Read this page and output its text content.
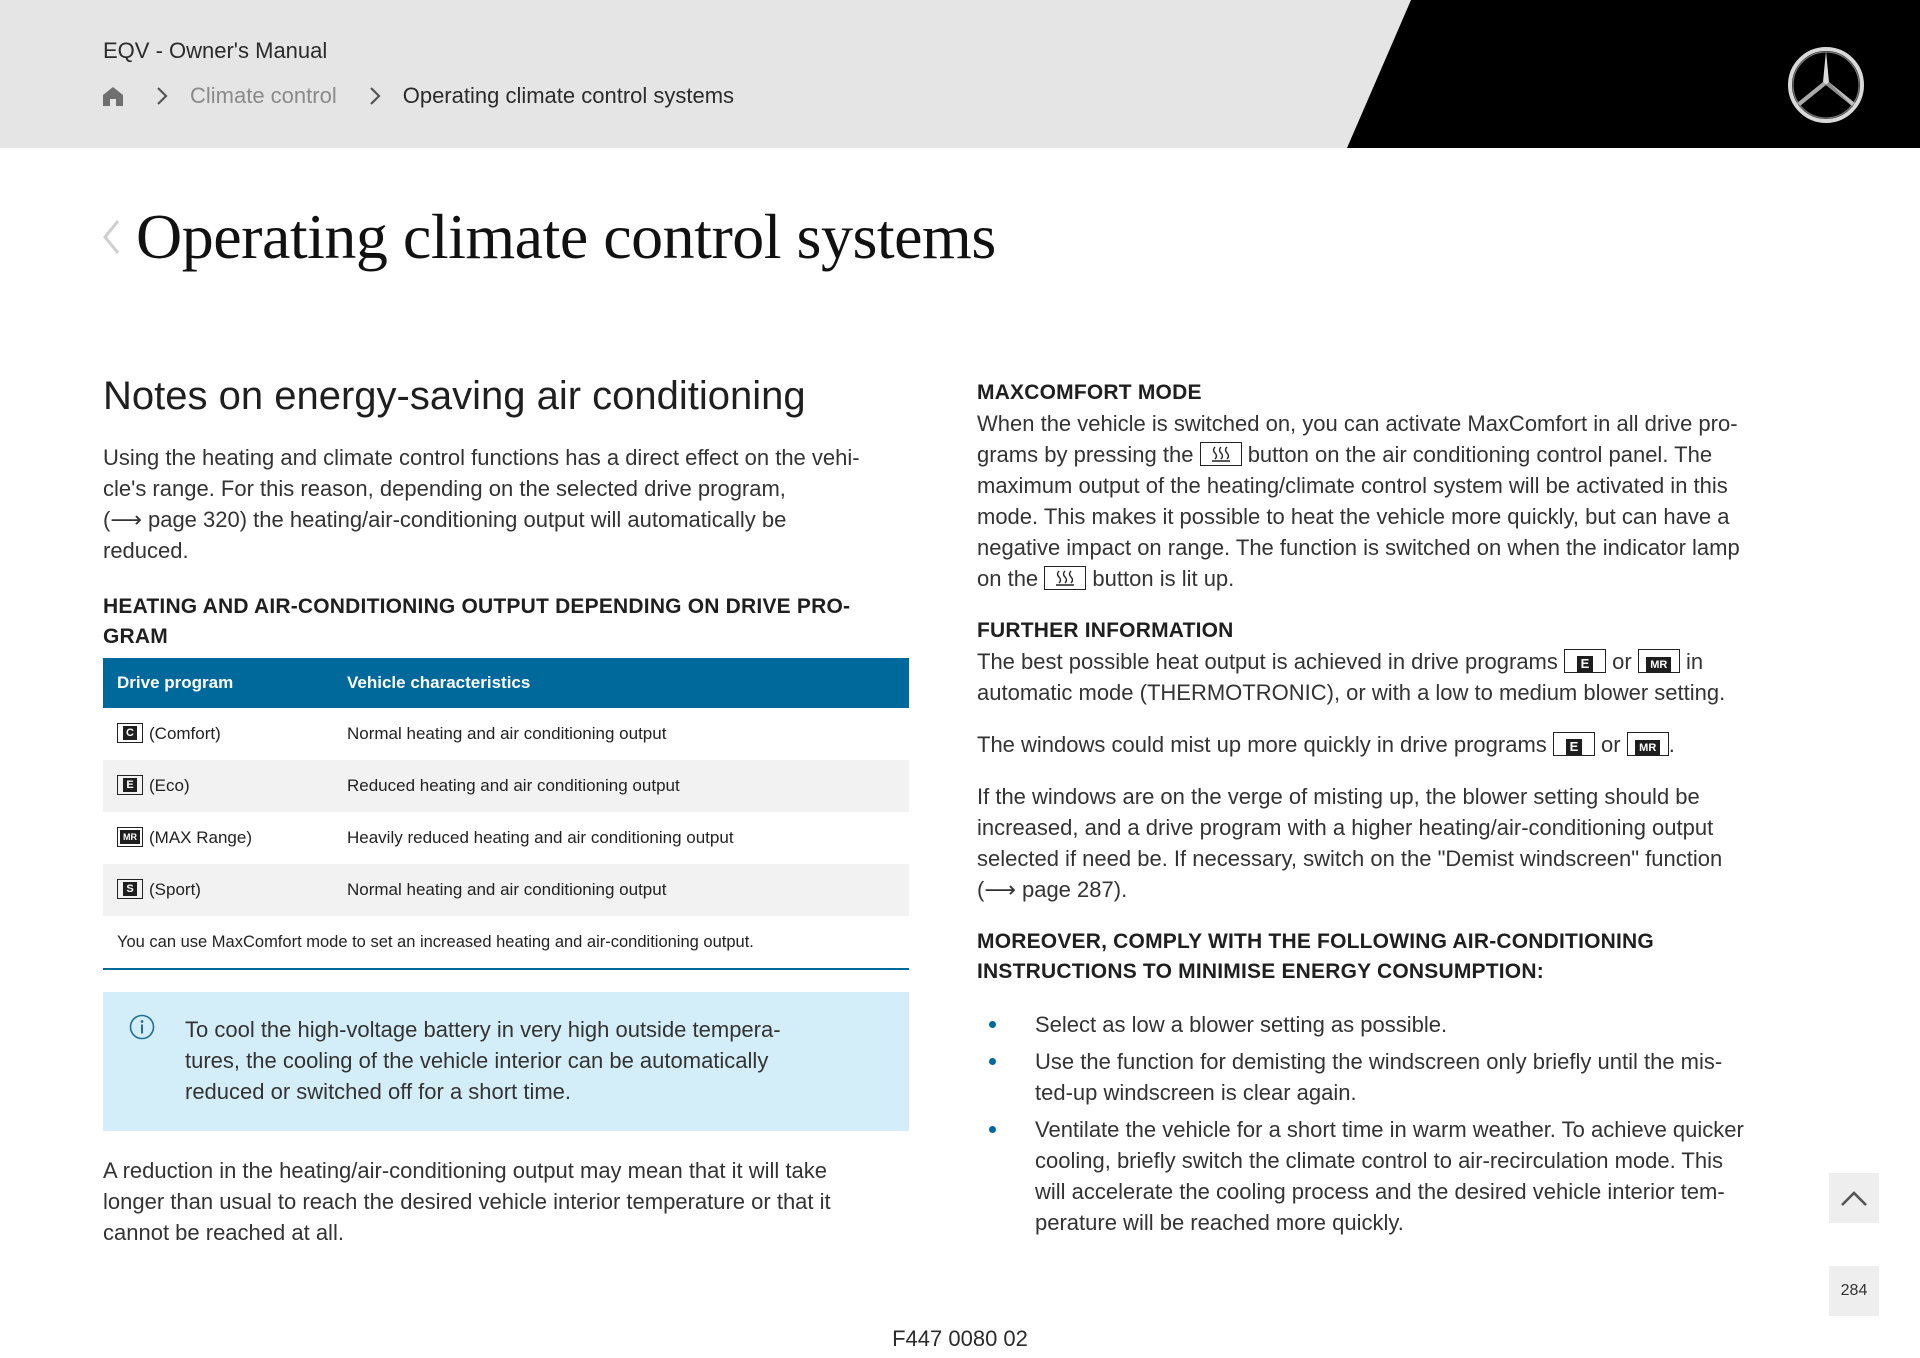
EQV - Owner's Manual
Climate control	Operating climate control systems
Operating climate control systems
Notes on energy-saving air conditioning

Using the heating and climate control functions has a direct effect on the vehi-
cle's range. For this reason, depending on the selected drive program,
(⟶ page 320) the heating/air-conditioning output will automatically be
reduced.

HEATING AND AIR-CONDITIONING OUTPUT DEPENDING ON DRIVE PRO-
GRAM

Drive program	Vehicle characteristics
C (Comfort)	Normal heating and air conditioning output
E (Eco)	Reduced heating and air conditioning output
MR (MAX Range)	Heavily reduced heating and air conditioning output
S (Sport)	Normal heating and air conditioning output
You can use MaxComfort mode to set an increased heating and air-conditioning output.	

To cool the high-voltage battery in very high outside tempera-
tures, the cooling of the vehicle interior can be automatically
reduced or switched off for a short time.

A reduction in the heating/air-conditioning output may mean that it will take
longer than usual to reach the desired vehicle interior temperature or that it
cannot be reached at all.

MAXCOMFORT MODE

When the vehicle is switched on, you can activate MaxComfort in all drive pro-
grams by pressing the button on the air conditioning control panel. The
maximum output of the heating/climate control system will be activated in this
mode. This makes it possible to heat the vehicle more quickly, but can have a
negative impact on range. The function is switched on when the indicator lamp
on the button is lit up.

FURTHER INFORMATION

The best possible heat output is achieved in drive programs E or MR in
automatic mode (THERMOTRONIC), or with a low to medium blower setting.

The windows could mist up more quickly in drive programs E or MR .

If the windows are on the verge of misting up, the blower setting should be
increased, and a drive program with a higher heating/air-conditioning output
selected if need be. If necessary, switch on the "Demist windscreen" function
(⟶ page 287).

MOREOVER, COMPLY WITH THE FOLLOWING AIR-CONDITIONING
INSTRUCTIONS TO MINIMISE ENERGY CONSUMPTION:

Select as low a blower setting as possible.
Use the function for demisting the windscreen only briefly until the mis-
ted-up windscreen is clear again.
Ventilate the vehicle for a short time in warm weather. To achieve quicker
cooling, briefly switch the climate control to air-recirculation mode. This
will accelerate the cooling process and the desired vehicle interior tem-
perature will be reached more quickly.
284
F447 0080 02
